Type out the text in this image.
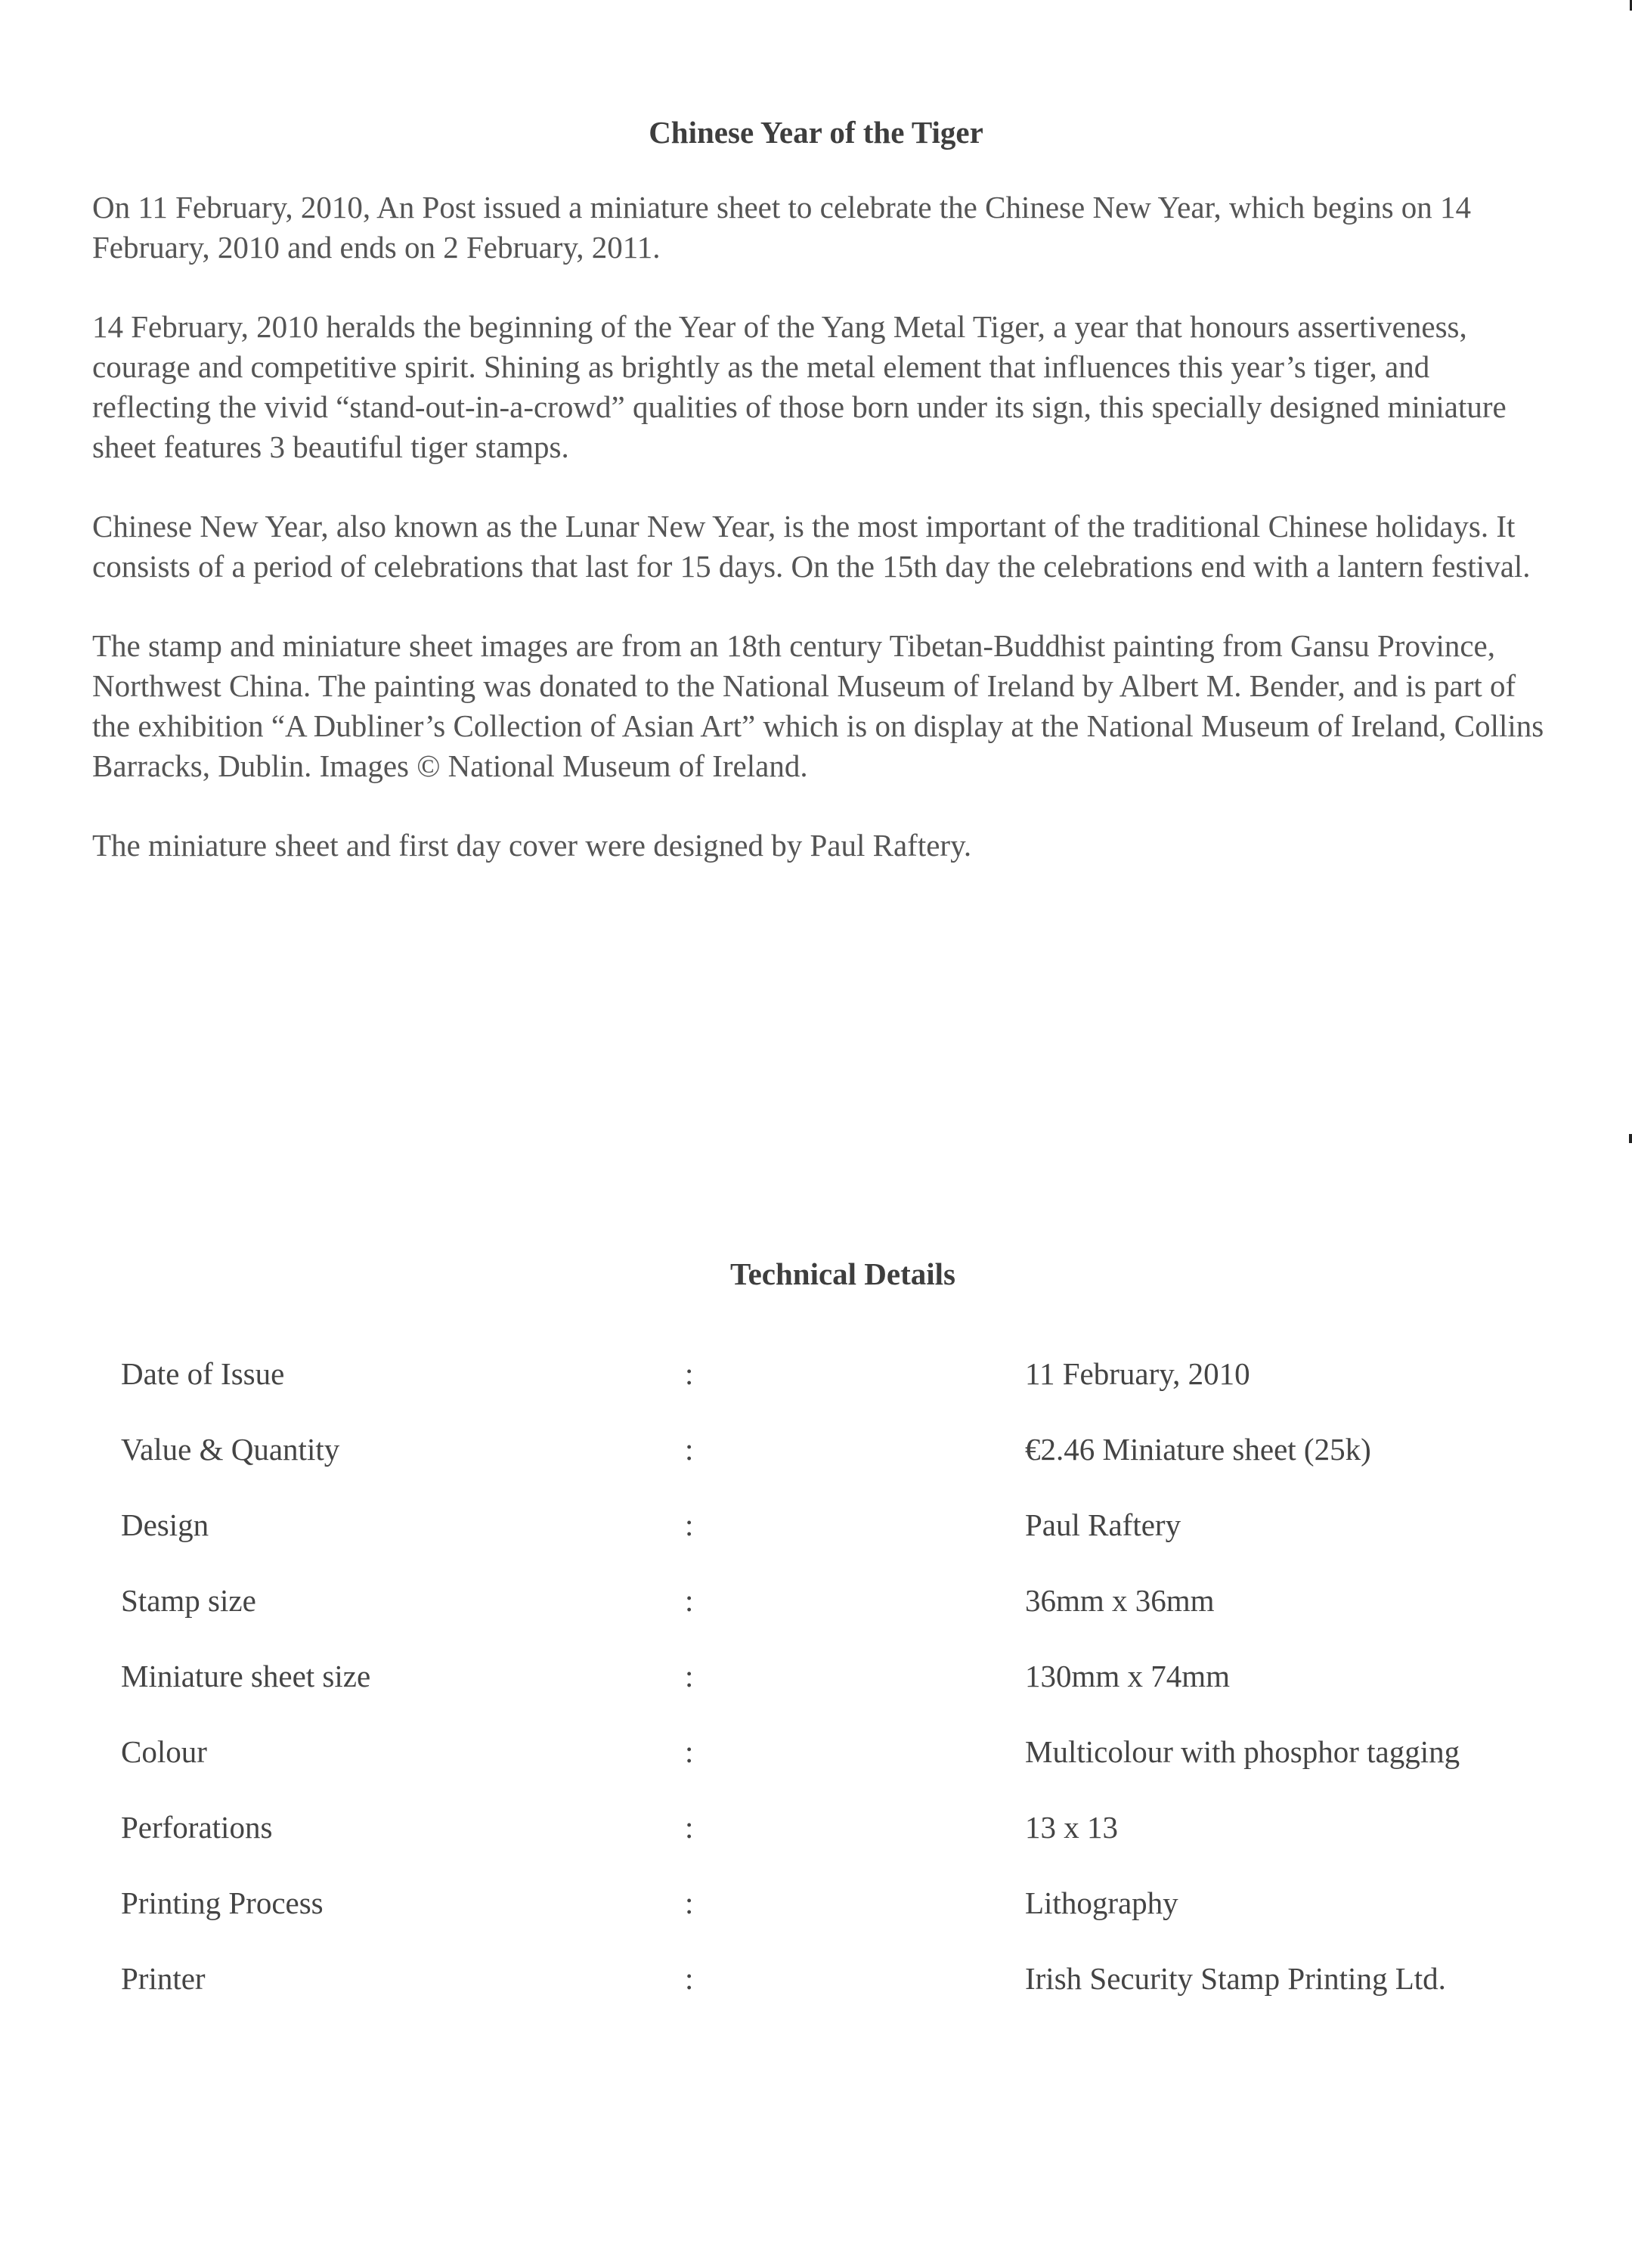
Chinese Year of the Tiger

On 11 February, 2010, An Post issued a miniature sheet to celebrate the Chinese New Year, which begins on 14 February, 2010 and ends on 2 February, 2011.

14 February, 2010 heralds the beginning of the Year of the Yang Metal Tiger, a year that honours assertiveness, courage and competitive spirit. Shining as brightly as the metal element that influences this year’s tiger, and reflecting the vivid “stand-out-in-a-crowd” qualities of those born under its sign, this specially designed miniature sheet features 3 beautiful tiger stamps.

Chinese New Year, also known as the Lunar New Year, is the most important of the traditional Chinese holidays. It consists of a period of celebrations that last for 15 days. On the 15th day the celebrations end with a lantern festival.

The stamp and miniature sheet images are from an 18th century Tibetan-Buddhist painting from Gansu Province, Northwest China. The painting was donated to the National Museum of Ireland by Albert M. Bender, and is part of the exhibition “A Dubliner’s Collection of Asian Art” which is on display at the National Museum of Ireland, Collins Barracks, Dublin. Images © National Museum of Ireland.

The miniature sheet and first day cover were designed by Paul Raftery.

Technical Details
Date of Issue	:	11 February, 2010
Value & Quantity	:	€2.46 Miniature sheet (25k)
Design	:	Paul Raftery
Stamp size	:	36mm x 36mm
Miniature sheet size	:	130mm x 74mm
Colour	:	Multicolour with phosphor tagging
Perforations	:	13 x 13
Printing Process	:	Lithography
Printer	:	Irish Security Stamp Printing Ltd.
